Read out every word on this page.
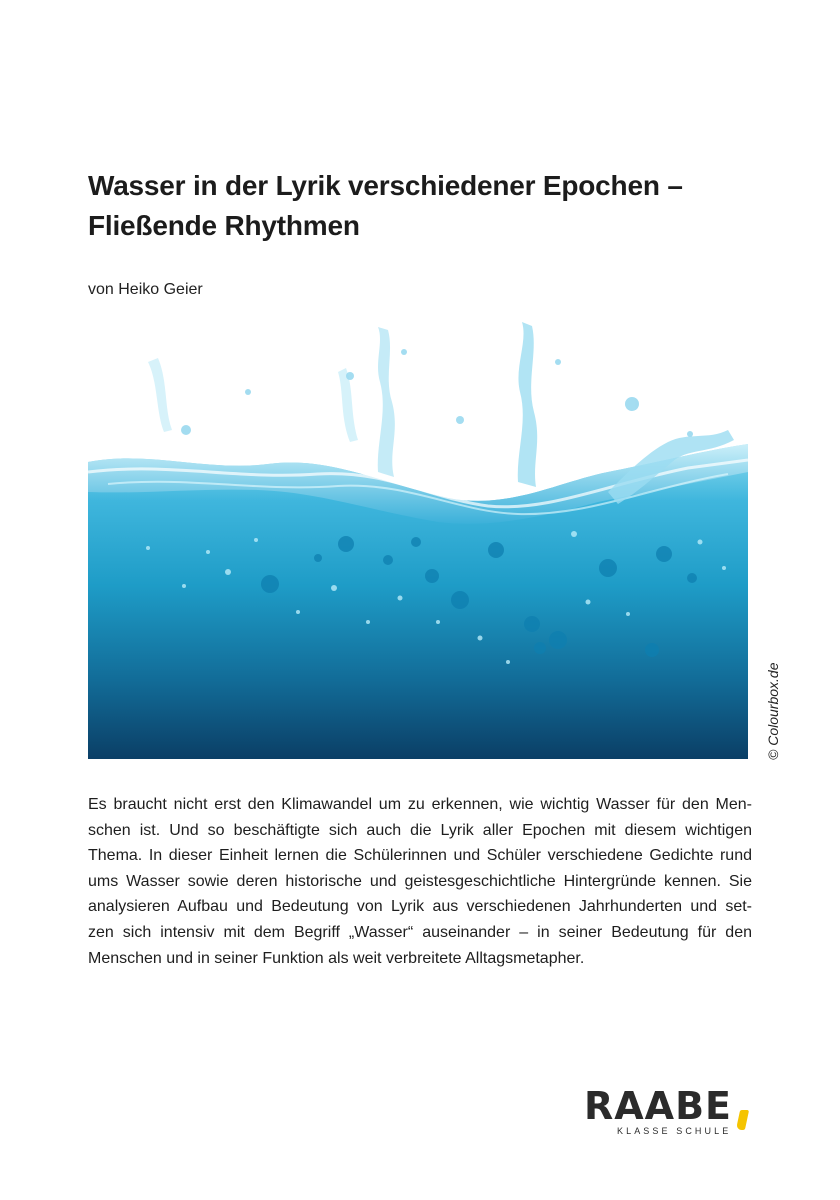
Wasser in der Lyrik verschiedener Epochen –
Fließende Rhythmen
von Heiko Geier
© Colourbox.de
Es braucht nicht erst den Klimawandel um zu erkennen, wie wichtig Wasser für den Men-
schen ist. Und so beschäftigte sich auch die Lyrik aller Epochen mit diesem wichtigen
Thema. In dieser Einheit lernen die Schülerinnen und Schüler verschiedene Gedichte rund
ums Wasser sowie deren historische und geistesgeschichtliche Hintergründe kennen. Sie
analysieren Aufbau und Bedeutung von Lyrik aus verschiedenen Jahrhunderten und set-
zen sich intensiv mit dem Begriff „Wasser“ auseinander – in seiner Bedeutung für den
Menschen und in seiner Funktion als weit verbreitete Alltagsmetapher.
RAABE
KLASSE SCHULE
